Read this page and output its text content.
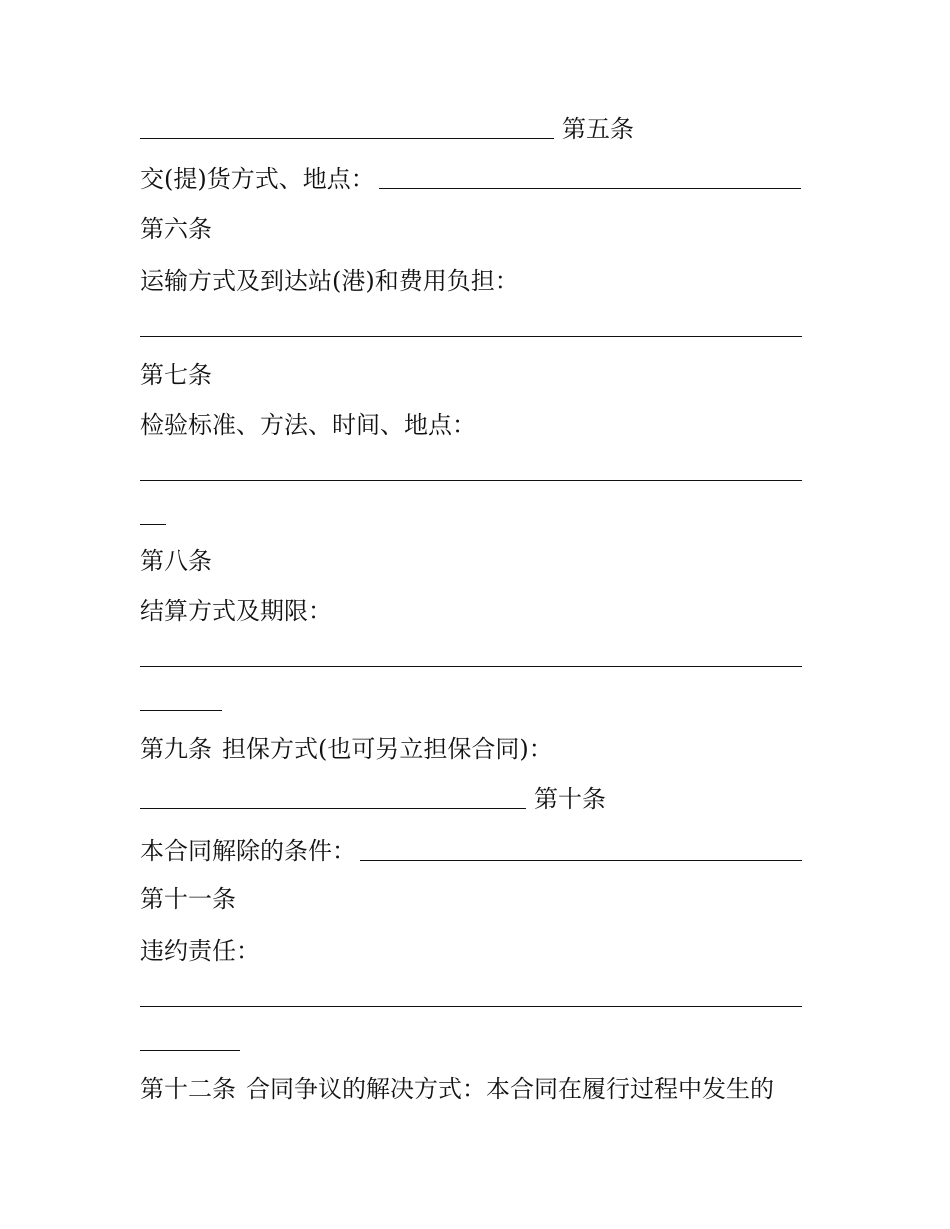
第五条
交(提)货方式、地点：
第六条
运输方式及到达站(港)和费用负担：
第七条
检验标准、方法、时间、地点：
第八条
结算方式及期限：
第九条 担保方式(也可另立担保合同)：
第十条
本合同解除的条件：
第十一条
违约责任：
第十二条 合同争议的解决方式：本合同在履行过程中发生的
